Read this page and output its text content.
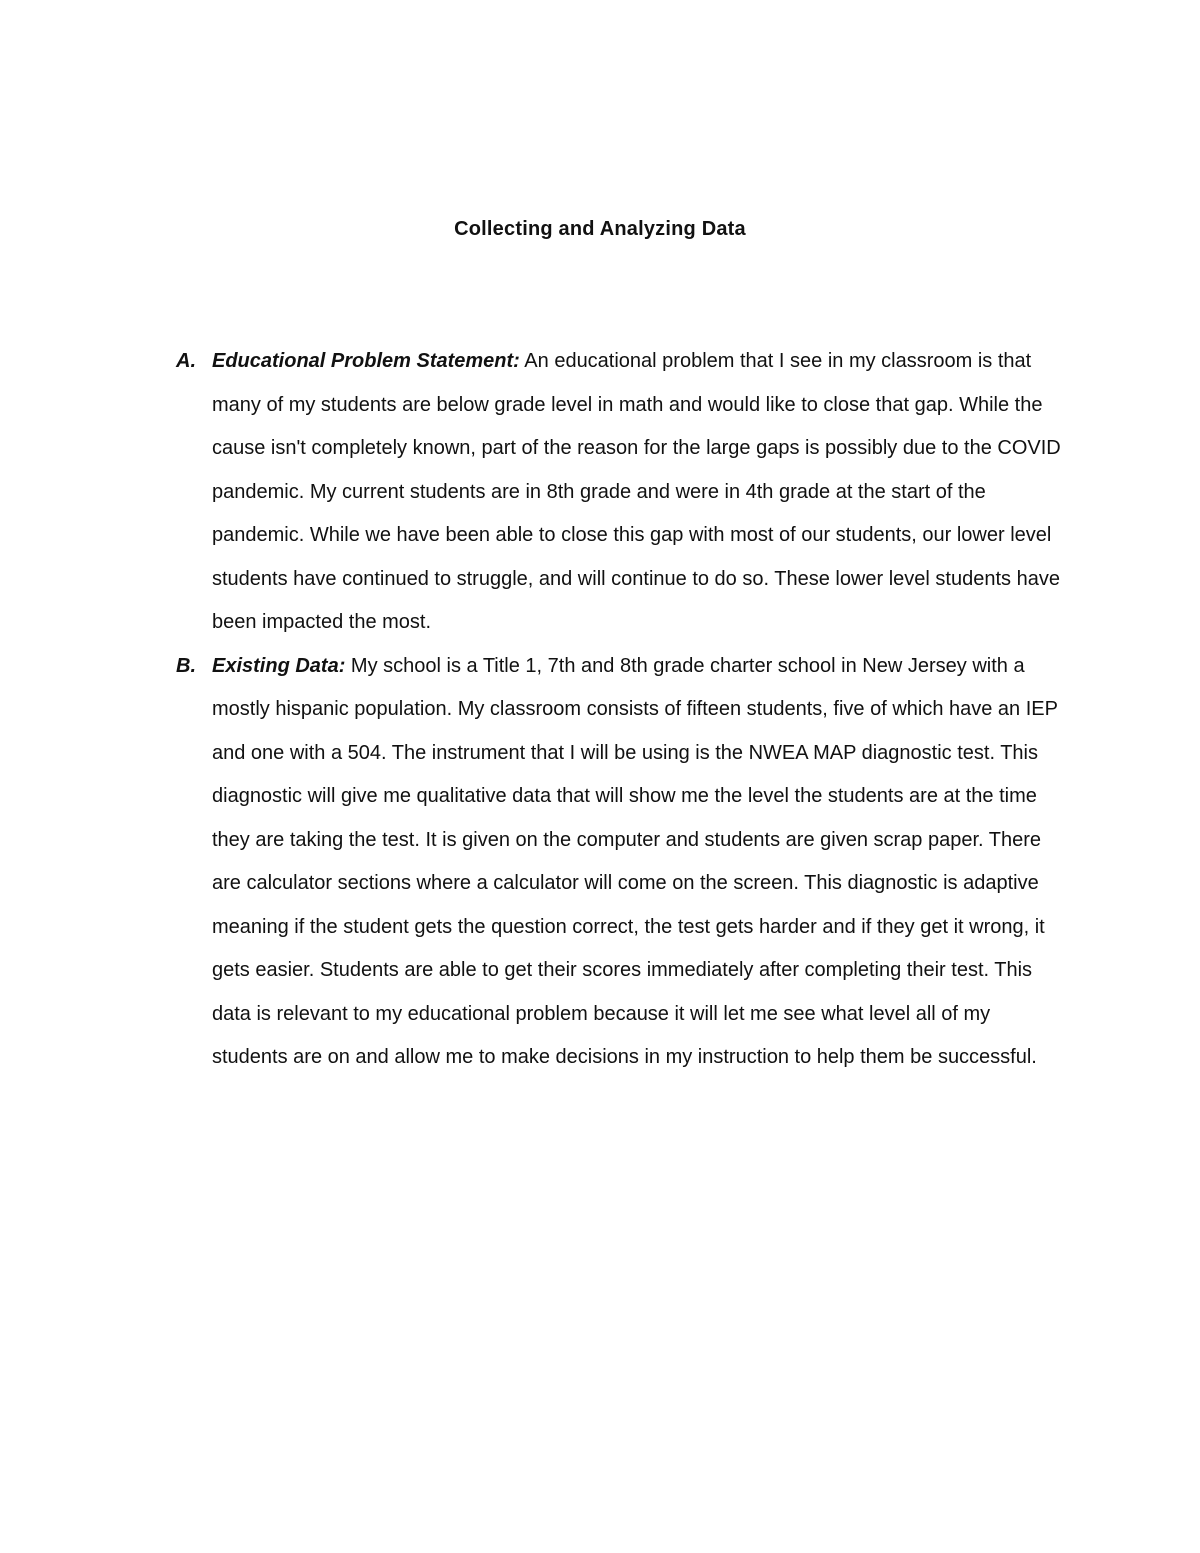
Collecting and Analyzing Data
A. Educational Problem Statement: An educational problem that I see in my classroom is that many of my students are below grade level in math and would like to close that gap. While the cause isn't completely known, part of the reason for the large gaps is possibly due to the COVID pandemic. My current students are in 8th grade and were in 4th grade at the start of the pandemic. While we have been able to close this gap with most of our students, our lower level students have continued to struggle, and will continue to do so. These lower level students have been impacted the most.
B. Existing Data: My school is a Title 1, 7th and 8th grade charter school in New Jersey with a mostly hispanic population. My classroom consists of fifteen students, five of which have an IEP and one with a 504. The instrument that I will be using is the NWEA MAP diagnostic test. This diagnostic will give me qualitative data that will show me the level the students are at the time they are taking the test. It is given on the computer and students are given scrap paper. There are calculator sections where a calculator will come on the screen. This diagnostic is adaptive meaning if the student gets the question correct, the test gets harder and if they get it wrong, it gets easier. Students are able to get their scores immediately after completing their test. This data is relevant to my educational problem because it will let me see what level all of my students are on and allow me to make decisions in my instruction to help them be successful.
